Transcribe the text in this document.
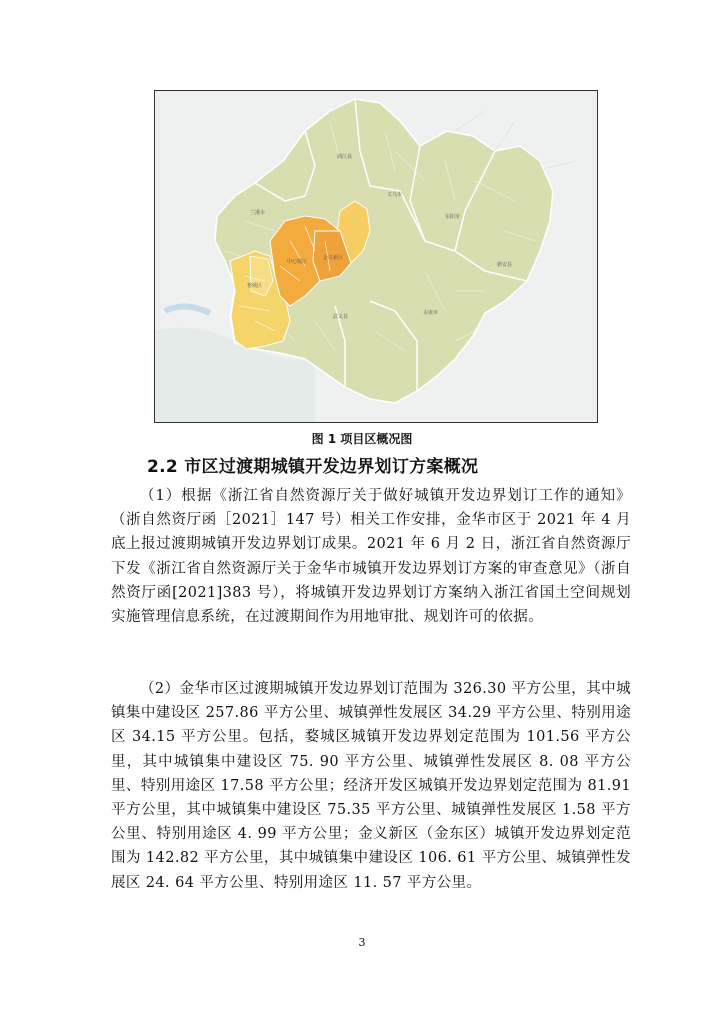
兰溪市
浦江县
义乌市
东阳市
磐安县
永康市
武义县
婺城区
中心城区
金义新区
图 1 项目区概况图
2.2 市区过渡期城镇开发边界划订方案概况

（1）根据《浙江省自然资源厅关于做好城镇开发边界划订工作的通知》（浙自然资厅函［2021］147 号）相关工作安排，金华市区于 2021 年 4 月底上报过渡期城镇开发边界划订成果。2021 年 6 月 2 日，浙江省自然资源厅下发《浙江省自然资源厅关于金华市城镇开发边界划订方案的审查意见》（浙自然资厅函[2021]383 号），将城镇开发边界划订方案纳入浙江省国土空间规划实施管理信息系统，在过渡期间作为用地审批、规划许可的依据。

（2）金华市区过渡期城镇开发边界划订范围为 326.30 平方公里，其中城镇集中建设区 257.86 平方公里、城镇弹性发展区 34.29 平方公里、特别用途区 34.15 平方公里。包括，婺城区城镇开发边界划定范围为 101.56 平方公里，其中城镇集中建设区 75. 90 平方公里、城镇弹性发展区 8. 08 平方公里、特别用途区 17.58 平方公里；经济开发区城镇开发边界划定范围为 81.91 平方公里，其中城镇集中建设区 75.35 平方公里、城镇弹性发展区 1.58 平方公里、特别用途区 4. 99 平方公里；金义新区（金东区）城镇开发边界划定范围为 142.82 平方公里，其中城镇集中建设区 106. 61 平方公里、城镇弹性发展区 24. 64 平方公里、特别用途区 11. 57 平方公里。

3
